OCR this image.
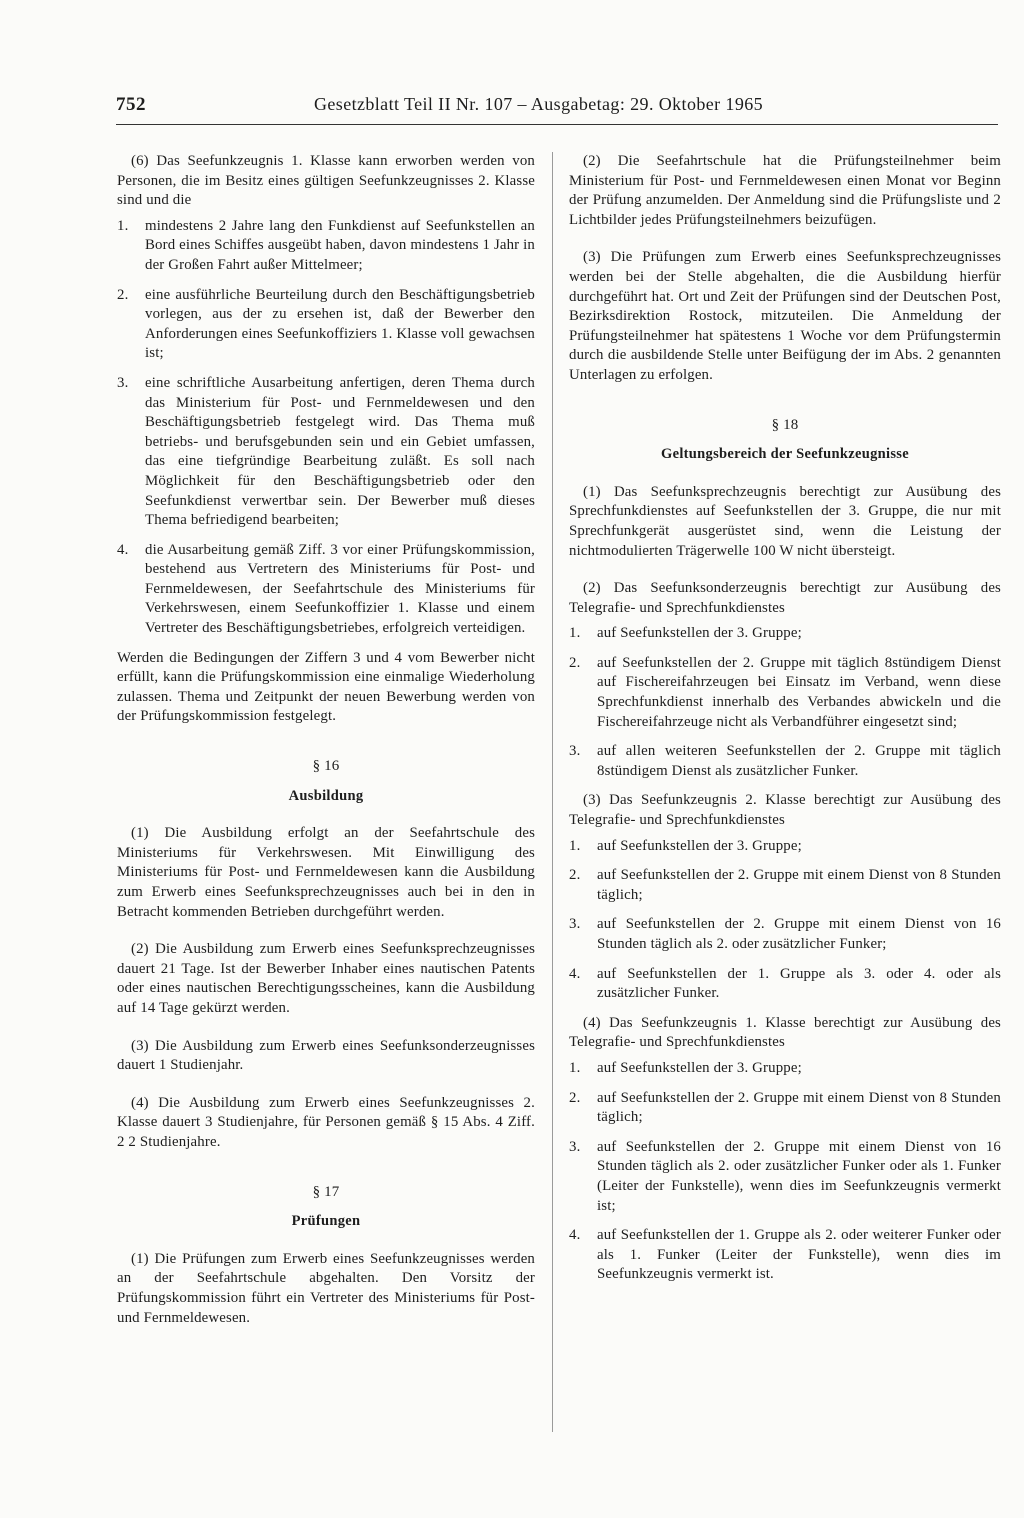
752	Gesetzblatt Teil II Nr. 107 – Ausgabetag: 29. Oktober 1965

(6) Das Seefunkzeugnis 1. Klasse kann erworben werden von Personen, die im Besitz eines gültigen Seefunkzeugnisses 2. Klasse sind und die

1. mindestens 2 Jahre lang den Funkdienst auf Seefunkstellen an Bord eines Schiffes ausgeübt haben, davon mindestens 1 Jahr in der Großen Fahrt außer Mittelmeer;
2. eine ausführliche Beurteilung durch den Beschäftigungsbetrieb vorlegen, aus der zu ersehen ist, daß der Bewerber den Anforderungen eines Seefunkoffiziers 1. Klasse voll gewachsen ist;
3. eine schriftliche Ausarbeitung anfertigen, deren Thema durch das Ministerium für Post- und Fernmeldewesen und den Beschäftigungsbetrieb festgelegt wird. Das Thema muß betriebs- und berufsgebunden sein und ein Gebiet umfassen, das eine tiefgründige Bearbeitung zuläßt. Es soll nach Möglichkeit für den Beschäftigungsbetrieb oder den Seefunkdienst verwertbar sein. Der Bewerber muß dieses Thema befriedigend bearbeiten;
4. die Ausarbeitung gemäß Ziff. 3 vor einer Prüfungskommission, bestehend aus Vertretern des Ministeriums für Post- und Fernmeldewesen, der Seefahrtschule des Ministeriums für Verkehrswesen, einem Seefunkoffizier 1. Klasse und einem Vertreter des Beschäftigungsbetriebes, erfolgreich verteidigen.

Werden die Bedingungen der Ziffern 3 und 4 vom Bewerber nicht erfüllt, kann die Prüfungskommission eine einmalige Wiederholung zulassen. Thema und Zeitpunkt der neuen Bewerbung werden von der Prüfungskommission festgelegt.

§ 16
Ausbildung

(1) Die Ausbildung erfolgt an der Seefahrtschule des Ministeriums für Verkehrswesen. Mit Einwilligung des Ministeriums für Post- und Fernmeldewesen kann die Ausbildung zum Erwerb eines Seefunksprechzeugnisses auch bei in den in Betracht kommenden Betrieben durchgeführt werden.

(2) Die Ausbildung zum Erwerb eines Seefunksprechzeugnisses dauert 21 Tage. Ist der Bewerber Inhaber eines nautischen Patents oder eines nautischen Berechtigungsscheines, kann die Ausbildung auf 14 Tage gekürzt werden.

(3) Die Ausbildung zum Erwerb eines Seefunksonderzeugnisses dauert 1 Studienjahr.

(4) Die Ausbildung zum Erwerb eines Seefunkzeugnisses 2. Klasse dauert 3 Studienjahre, für Personen gemäß § 15 Abs. 4 Ziff. 2 2 Studienjahre.

§ 17
Prüfungen

(1) Die Prüfungen zum Erwerb eines Seefunkzeugnisses werden an der Seefahrtschule abgehalten. Den Vorsitz der Prüfungskommission führt ein Vertreter des Ministeriums für Post- und Fernmeldewesen.

(2) Die Seefahrtschule hat die Prüfungsteilnehmer beim Ministerium für Post- und Fernmeldewesen einen Monat vor Beginn der Prüfung anzumelden. Der Anmeldung sind die Prüfungsliste und 2 Lichtbilder jedes Prüfungsteilnehmers beizufügen.

(3) Die Prüfungen zum Erwerb eines Seefunksprechzeugnisses werden bei der Stelle abgehalten, die die Ausbildung hierfür durchgeführt hat. Ort und Zeit der Prüfungen sind der Deutschen Post, Bezirksdirektion Rostock, mitzuteilen. Die Anmeldung der Prüfungsteilnehmer hat spätestens 1 Woche vor dem Prüfungstermin durch die ausbildende Stelle unter Beifügung der im Abs. 2 genannten Unterlagen zu erfolgen.

§ 18
Geltungsbereich der Seefunkzeugnisse

(1) Das Seefunksprechzeugnis berechtigt zur Ausübung des Sprechfunkdienstes auf Seefunkstellen der 3. Gruppe, die nur mit Sprechfunkgerät ausgerüstet sind, wenn die Leistung der nichtmodulierten Trägerwelle 100 W nicht übersteigt.

(2) Das Seefunksonderzeugnis berechtigt zur Ausübung des Telegrafie- und Sprechfunkdienstes

1. auf Seefunkstellen der 3. Gruppe;
2. auf Seefunkstellen der 2. Gruppe mit täglich 8stündigem Dienst auf Fischereifahrzeugen bei Einsatz im Verband, wenn diese Sprechfunkdienst innerhalb des Verbandes abwickeln und die Fischereifahrzeuge nicht als Verbandführer eingesetzt sind;
3. auf allen weiteren Seefunkstellen der 2. Gruppe mit täglich 8stündigem Dienst als zusätzlicher Funker.

(3) Das Seefunkzeugnis 2. Klasse berechtigt zur Ausübung des Telegrafie- und Sprechfunkdienstes

1. auf Seefunkstellen der 3. Gruppe;
2. auf Seefunkstellen der 2. Gruppe mit einem Dienst von 8 Stunden täglich;
3. auf Seefunkstellen der 2. Gruppe mit einem Dienst von 16 Stunden täglich als 2. oder zusätzlicher Funker;
4. auf Seefunkstellen der 1. Gruppe als 3. oder 4. oder als zusätzlicher Funker.

(4) Das Seefunkzeugnis 1. Klasse berechtigt zur Ausübung des Telegrafie- und Sprechfunkdienstes

1. auf Seefunkstellen der 3. Gruppe;
2. auf Seefunkstellen der 2. Gruppe mit einem Dienst von 8 Stunden täglich;
3. auf Seefunkstellen der 2. Gruppe mit einem Dienst von 16 Stunden täglich als 2. oder zusätzlicher Funker oder als 1. Funker (Leiter der Funkstelle), wenn dies im Seefunkzeugnis vermerkt ist;
4. auf Seefunkstellen der 1. Gruppe als 2. oder weiterer Funker oder als 1. Funker (Leiter der Funkstelle), wenn dies im Seefunkzeugnis vermerkt ist.
